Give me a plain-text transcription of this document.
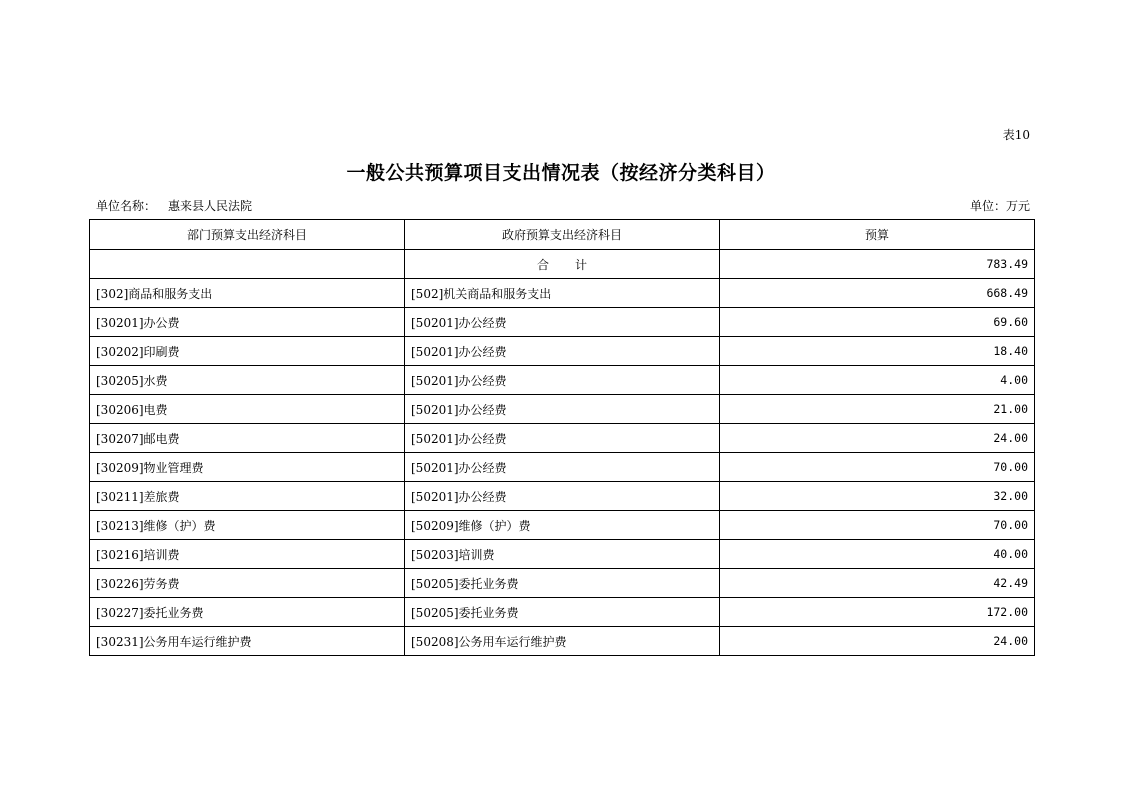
表10
一般公共预算项目支出情况表（按经济分类科目）
单位名称： 惠来县人民法院	单位：万元
部门预算支出经济科目	政府预算支出经济科目	预算
	合 计	783.49
[302]商品和服务支出	[502]机关商品和服务支出	668.49
[30201]办公费	[50201]办公经费	69.60
[30202]印刷费	[50201]办公经费	18.40
[30205]水费	[50201]办公经费	4.00
[30206]电费	[50201]办公经费	21.00
[30207]邮电费	[50201]办公经费	24.00
[30209]物业管理费	[50201]办公经费	70.00
[30211]差旅费	[50201]办公经费	32.00
[30213]维修（护）费	[50209]维修（护）费	70.00
[30216]培训费	[50203]培训费	40.00
[30226]劳务费	[50205]委托业务费	42.49
[30227]委托业务费	[50205]委托业务费	172.00
[30231]公务用车运行维护费	[50208]公务用车运行维护费	24.00
